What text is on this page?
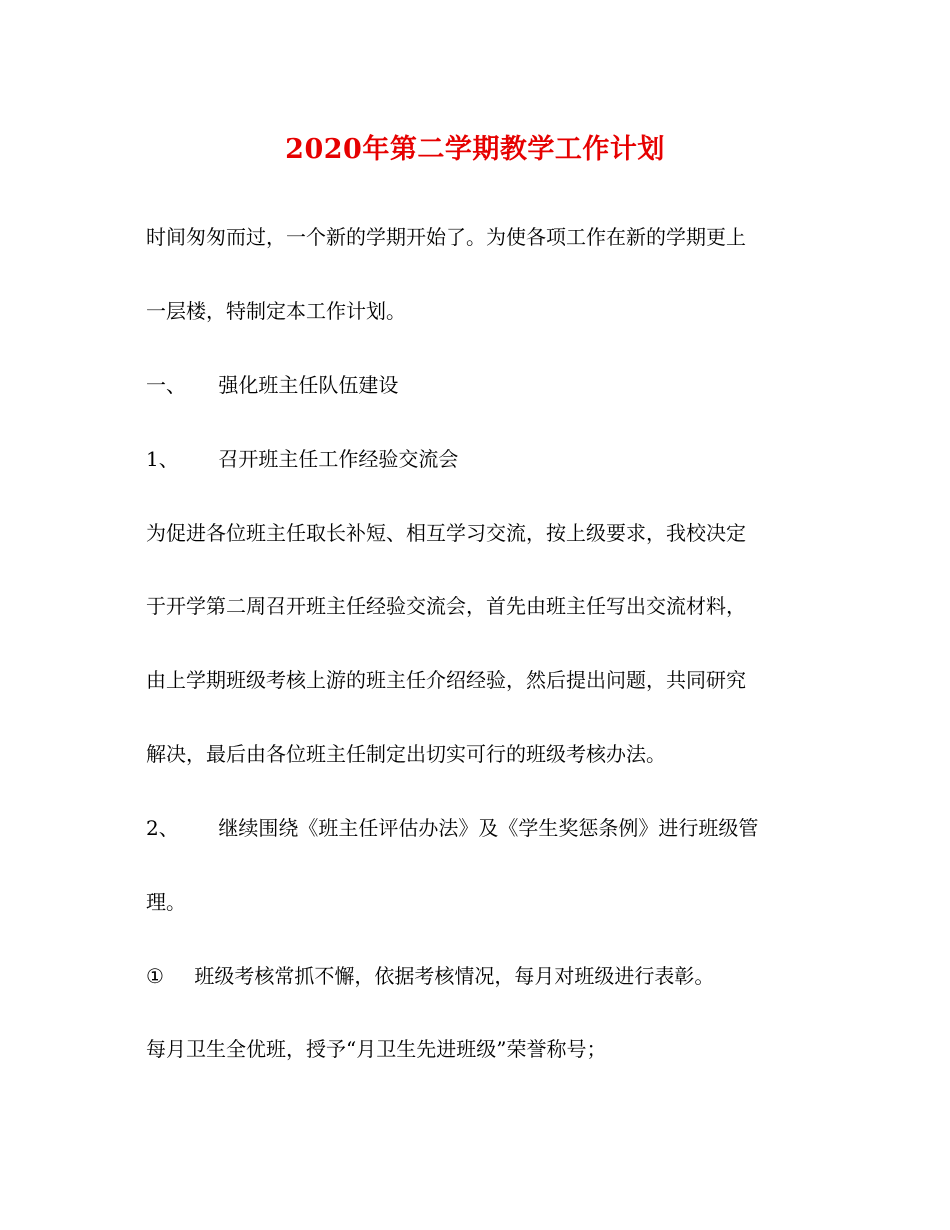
2020年第二学期教学工作计划
时间匆匆而过，一个新的学期开始了。为使各项工作在新的学期更上
一层楼，特制定本工作计划。
一、 强化班主任队伍建设
1、 召开班主任工作经验交流会
为促进各位班主任取长补短、相互学习交流，按上级要求，我校决定
于开学第二周召开班主任经验交流会，首先由班主任写出交流材料，
由上学期班级考核上游的班主任介绍经验，然后提出问题，共同研究
解决，最后由各位班主任制定出切实可行的班级考核办法。
2、 继续围绕《班主任评估办法》及《学生奖惩条例》进行班级管
理。
① 班级考核常抓不懈，依据考核情况，每月对班级进行表彰。
每月卫生全优班，授予“月卫生先进班级”荣誉称号；
